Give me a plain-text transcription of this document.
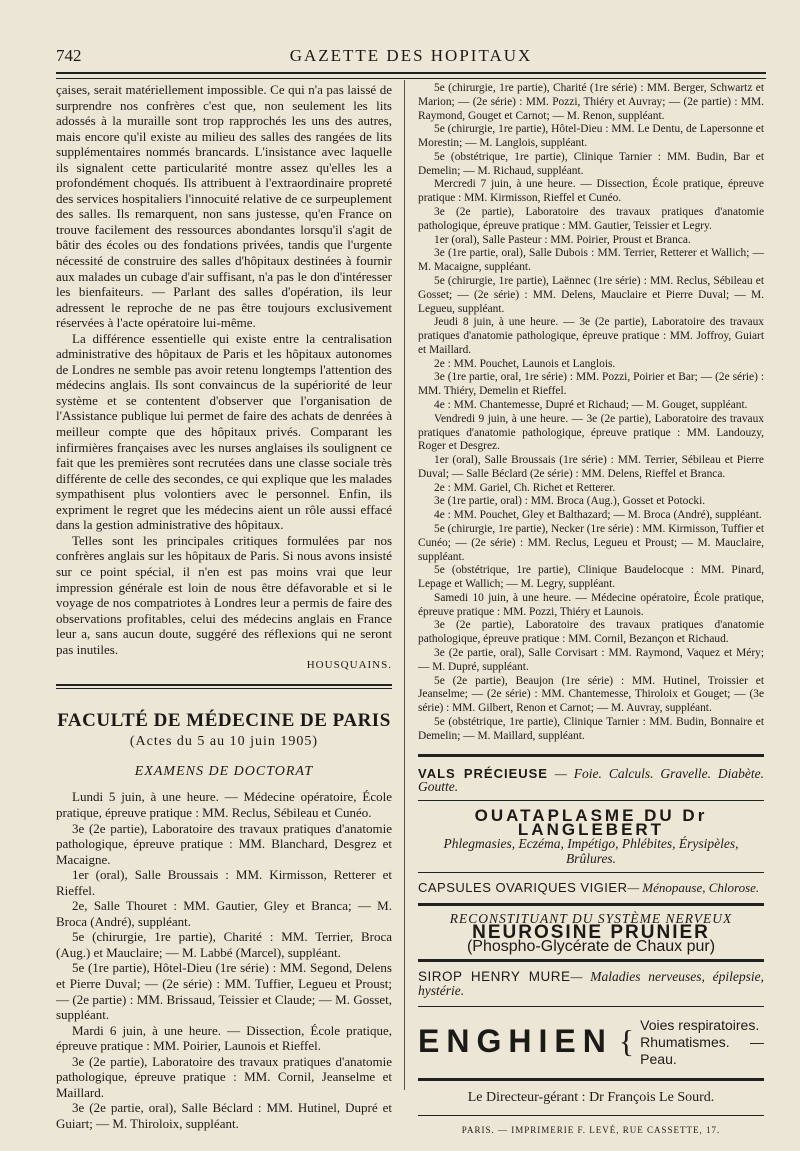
742	GAZETTE DES HOPITAUX

çaises, serait matériellement impossible. Ce qui n'a pas laissé de surprendre nos confrères c'est que, non seulement les lits adossés à la muraille sont trop rapprochés les uns des autres, mais encore qu'il existe au milieu des salles des rangées de lits supplémentaires nommés brancards. L'insistance avec laquelle ils signalent cette particularité montre assez qu'elles les a profondément choqués. Ils attribuent à l'extraordinaire propreté des services hospitaliers l'innocuité relative de ce surpeuplement des salles. Ils remarquent, non sans justesse, qu'en France on trouve facilement des ressources abondantes lorsqu'il s'agit de bâtir des écoles ou des fondations privées, tandis que l'urgente nécessité de construire des salles d'hôpitaux destinées à fournir aux malades un cubage d'air suffisant, n'a pas le don d'intéresser les bienfaiteurs. — Parlant des salles d'opération, ils leur adressent le reproche de ne pas être toujours exclusivement réservées à l'acte opératoire lui-même.

La différence essentielle qui existe entre la centralisation administrative des hôpitaux de Paris et les hôpitaux autonomes de Londres ne semble pas avoir retenu longtemps l'attention des médecins anglais. Ils sont convaincus de la supériorité de leur système et se contentent d'observer que l'organisation de l'Assistance publique lui permet de faire des achats de denrées à meilleur compte que des hôpitaux privés. Comparant les infirmières françaises avec les nurses anglaises ils soulignent ce fait que les premières sont recrutées dans une classe sociale très différente de celle des secondes, ce qui explique que les malades sympathisent plus volontiers avec le personnel. Enfin, ils expriment le regret que les médecins aient un rôle aussi effacé dans la gestion administrative des hôpitaux.

Telles sont les principales critiques formulées par nos confrères anglais sur les hôpitaux de Paris. Si nous avons insisté sur ce point spécial, il n'en est pas moins vrai que leur impression générale est loin de nous être défavorable et si le voyage de nos compatriotes à Londres leur a permis de faire des observations profitables, celui des médecins anglais en France leur a, sans aucun doute, suggéré des réflexions qui ne seront pas inutiles.

HOUSQUAINS.
FACULTÉ DE MÉDECINE DE PARIS
(Actes du 5 au 10 juin 1905)
EXAMENS DE DOCTORAT

Lundi 5 juin, à une heure. — Médecine opératoire, École pratique, épreuve pratique : MM. Reclus, Sébileau et Cunéo.

3e (2e partie), Laboratoire des travaux pratiques d'anatomie pathologique, épreuve pratique : MM. Blanchard, Desgrez et Macaigne.

1er (oral), Salle Broussais : MM. Kirmisson, Retterer et Rieffel.

2e, Salle Thouret : MM. Gautier, Gley et Branca; — M. Broca (André), suppléant.

5e (chirurgie, 1re partie), Charité : MM. Terrier, Broca (Aug.) et Mauclaire; — M. Labbé (Marcel), suppléant.

5e (1re partie), Hôtel-Dieu (1re série) : MM. Segond, Delens et Pierre Duval; — (2e série) : MM. Tuffier, Legueu et Proust; — (2e partie) : MM. Brissaud, Teissier et Claude; — M. Gosset, suppléant.

Mardi 6 juin, à une heure. — Dissection, École pratique, épreuve pratique : MM. Poirier, Launois et Rieffel.

3e (2e partie), Laboratoire des travaux pratiques d'anatomie pathologique, épreuve pratique : MM. Cornil, Jeanselme et Maillard.

3e (2e partie, oral), Salle Béclard : MM. Hutinel, Dupré et Guiart; — M. Thiroloix, suppléant.

5e (chirurgie, 1re partie), Charité (1re série) : MM. Berger, Schwartz et Marion; — (2e série) : MM. Pozzi, Thiéry et Auvray; — (2e partie) : MM. Raymond, Gouget et Carnot; — M. Renon, suppléant.

5e (chirurgie, 1re partie), Hôtel-Dieu : MM. Le Dentu, de Lapersonne et Morestin; — M. Langlois, suppléant.

5e (obstétrique, 1re partie), Clinique Tarnier : MM. Budin, Bar et Demelin; — M. Richaud, suppléant.

Mercredi 7 juin, à une heure. — Dissection, École pratique, épreuve pratique : MM. Kirmisson, Rieffel et Cunéo.

3e (2e partie), Laboratoire des travaux pratiques d'anatomie pathologique, épreuve pratique : MM. Gautier, Teissier et Legry.

1er (oral), Salle Pasteur : MM. Poirier, Proust et Branca.

3e (1re partie, oral), Salle Dubois : MM. Terrier, Retterer et Wallich; — M. Macaigne, suppléant.

5e (chirurgie, 1re partie), Laënnec (1re série) : MM. Reclus, Sébileau et Gosset; — (2e série) : MM. Delens, Mauclaire et Pierre Duval; — M. Legueu, suppléant.

Jeudi 8 juin, à une heure. — 3e (2e partie), Laboratoire des travaux pratiques d'anatomie pathologique, épreuve pratique : MM. Joffroy, Guiart et Maillard.

2e : MM. Pouchet, Launois et Langlois.

3e (1re partie, oral, 1re série) : MM. Pozzi, Poirier et Bar; — (2e série) : MM. Thiéry, Demelin et Rieffel.

4e : MM. Chantemesse, Dupré et Richaud; — M. Gouget, suppléant.

Vendredi 9 juin, à une heure. — 3e (2e partie), Laboratoire des travaux pratiques d'anatomie pathologique, épreuve pratique : MM. Landouzy, Roger et Desgrez.

1er (oral), Salle Broussais (1re série) : MM. Terrier, Sébileau et Pierre Duval; — Salle Béclard (2e série) : MM. Delens, Rieffel et Branca.

2e : MM. Gariel, Ch. Richet et Retterer.

3e (1re partie, oral) : MM. Broca (Aug.), Gosset et Potocki.

4e : MM. Pouchet, Gley et Balthazard; — M. Broca (André), suppléant.

5e (chirurgie, 1re partie), Necker (1re série) : MM. Kirmisson, Tuffier et Cunéo; — (2e série) : MM. Reclus, Legueu et Proust; — M. Mauclaire, suppléant.

5e (obstétrique, 1re partie), Clinique Baudelocque : MM. Pinard, Lepage et Wallich; — M. Legry, suppléant.

Samedi 10 juin, à une heure. — Médecine opératoire, École pratique, épreuve pratique : MM. Pozzi, Thiéry et Launois.

3e (2e partie), Laboratoire des travaux pratiques d'anatomie pathologique, épreuve pratique : MM. Cornil, Bezançon et Richaud.

3e (2e partie, oral), Salle Corvisart : MM. Raymond, Vaquez et Méry; — M. Dupré, suppléant.

5e (2e partie), Beaujon (1re série) : MM. Hutinel, Troissier et Jeanselme; — (2e série) : MM. Chantemesse, Thiroloix et Gouget; — (3e série) : MM. Gilbert, Renon et Carnot; — M. Auvray, suppléant.

5e (obstétrique, 1re partie), Clinique Tarnier : MM. Budin, Bonnaire et Demelin; — M. Maillard, suppléant.

VALS PRÉCIEUSE — Foie. Calculs. Gravelle. Diabète. Goutte.
OUATAPLASME DU Dr LANGLEBERT
Phlegmasies, Eczéma, Impétigo, Phlébites, Érysipèles, Brûlures.
CAPSULES OVARIQUES VIGIER— Ménopause, Chlorose.
RECONSTITUANT DU SYSTÈME NERVEUX
NEUROSINE PRUNIER
(Phospho-Glycérate de Chaux pur)
SIROP HENRY MURE— Maladies nerveuses, épilepsie, hystérie.
ENGHIEN { Voies respiratoires.
Rhumatismes. — Peau.
Le Directeur-gérant : Dr François Le Sourd.
PARIS. — IMPRIMERIE F. LEVÉ, RUE CASSETTE, 17.
